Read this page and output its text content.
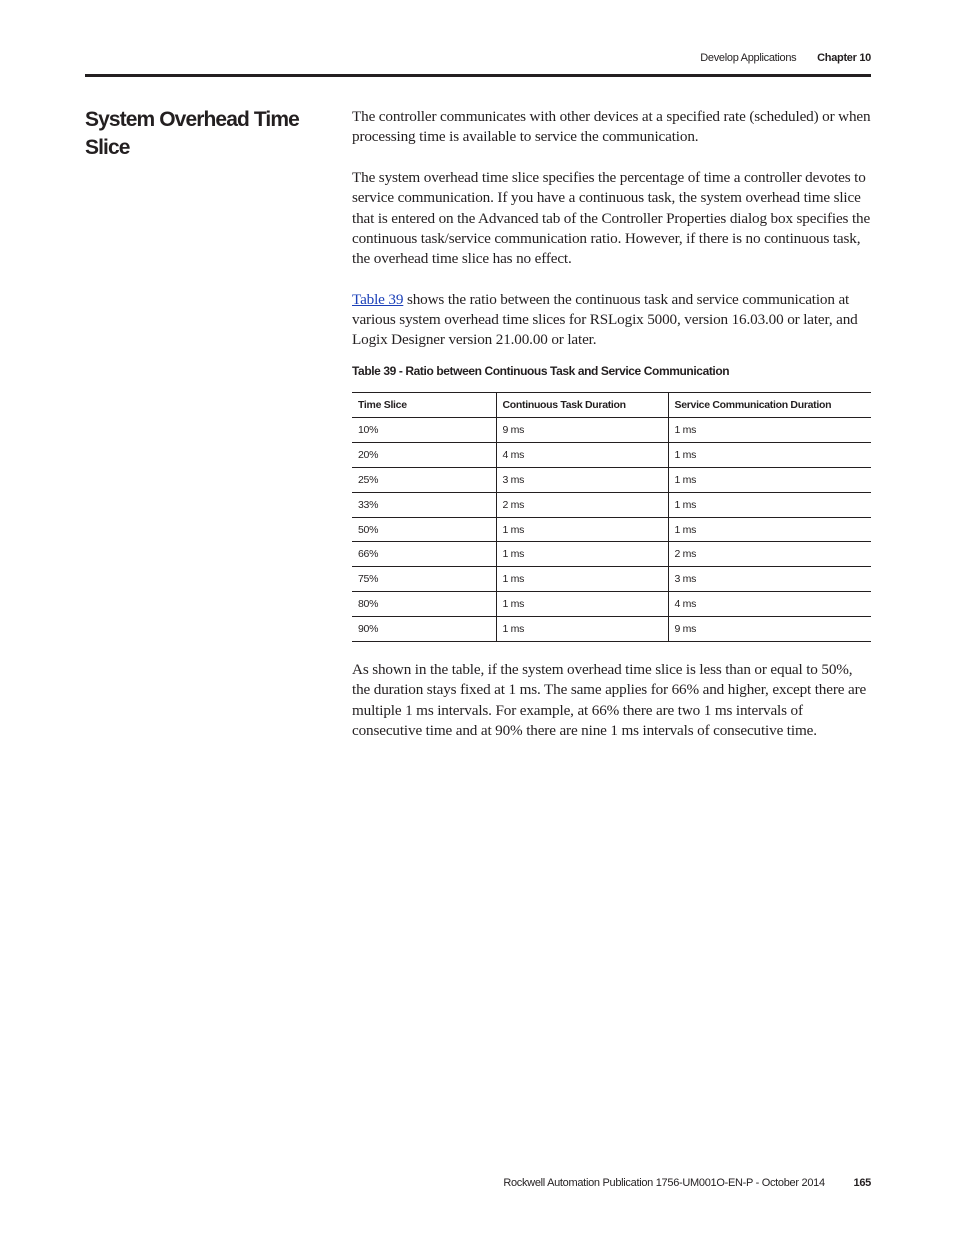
Develop Applications Chapter 10
System Overhead Time Slice

The controller communicates with other devices at a specified rate (scheduled) or when processing time is available to service the communication.

The system overhead time slice specifies the percentage of time a controller devotes to service communication. If you have a continuous task, the system overhead time slice that is entered on the Advanced tab of the Controller Properties dialog box specifies the continuous task/service communication ratio. However, if there is no continuous task, the overhead time slice has no effect.

Table 39 shows the ratio between the continuous task and service communication at various system overhead time slices for RSLogix 5000, version 16.03.00 or later, and Logix Designer version 21.00.00 or later.

Table 39 - Ratio between Continuous Task and Service Communication
Time Slice	Continuous Task Duration	Service Communication Duration
10%	9 ms	1 ms
20%	4 ms	1 ms
25%	3 ms	1 ms
33%	2 ms	1 ms
50%	1 ms	1 ms
66%	1 ms	2 ms
75%	1 ms	3 ms
80%	1 ms	4 ms
90%	1 ms	9 ms

As shown in the table, if the system overhead time slice is less than or equal to 50%, the duration stays fixed at 1 ms. The same applies for 66% and higher, except there are multiple 1 ms intervals. For example, at 66% there are two 1 ms intervals of consecutive time and at 90% there are nine 1 ms intervals of consecutive time.

Rockwell Automation Publication 1756-UM001O-EN-P - October 2014	165
